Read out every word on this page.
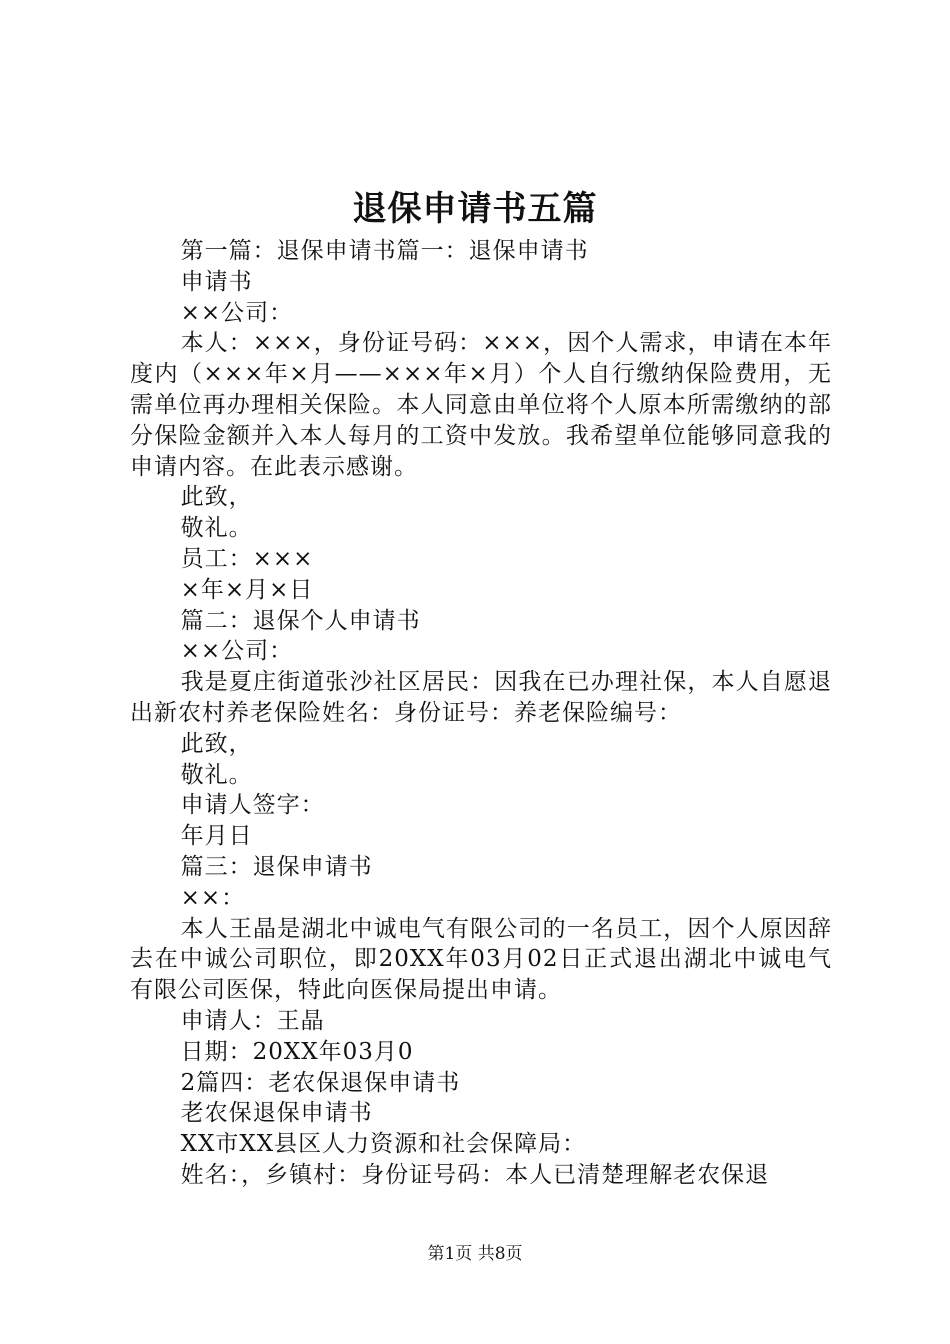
退保申请书五篇

第一篇：退保申请书篇一：退保申请书

申请书

××公司：

本人：×××，身份证号码：×××，因个人需求，申请在本年度内（×××年×月——×××年×月）个人自行缴纳保险费用，无需单位再办理相关保险。本人同意由单位将个人原本所需缴纳的部分保险金额并入本人每月的工资中发放。我希望单位能够同意我的申请内容。在此表示感谢。

此致，

敬礼。

员工：×××

×年×月×日

篇二：退保个人申请书

××公司：

我是夏庄街道张沙社区居民：因我在已办理社保，本人自愿退出新农村养老保险姓名：身份证号：养老保险编号：

此致，

敬礼。

申请人签字：

年月日

篇三：退保申请书

××：

本人王晶是湖北中诚电气有限公司的一名员工，因个人原因辞去在中诚公司职位，即20XX年03月02日正式退出湖北中诚电气有限公司医保，特此向医保局提出申请。

申请人：王晶

日期：20XX年03月0

2篇四：老农保退保申请书

老农保退保申请书

XX市XX县区人力资源和社会保障局：

姓名：，乡镇村：身份证号码：本人已清楚理解老农保退

第1页 共8页
